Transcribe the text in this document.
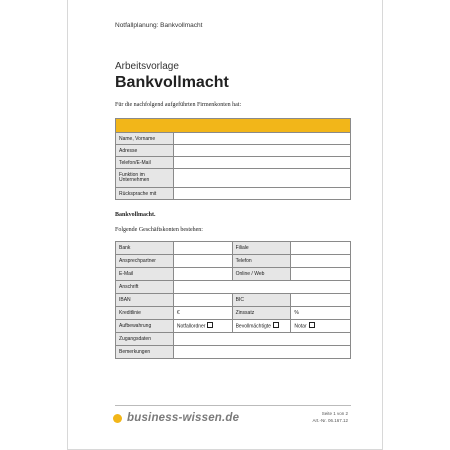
Notfallplanung: Bankvollmacht
Arbeitsvorlage
Bankvollmacht
Für die nachfolgend aufgeführten Firmenkonten hat:

Name, Vorname	
Adresse	
Telefon/E-Mail	
Funktion im Unternehmen	
Rücksprache mit	
Bankvollmacht.
Folgende Geschäftskonten bestehen:
Bank		Filiale	
Ansprechpartner		Telefon	
E-Mail		Online / Web	
Anschrift			
IBAN		BIC	
Kreditlinie	€	Zinssatz	%
Aufbewahrung	Notfallordner	Bevollmächtigte	Notar
Zugangsdaten			
Bemerkungen			
business-wissen.de	Seite 1 von 2
Art.-Nr. 06.167.12
